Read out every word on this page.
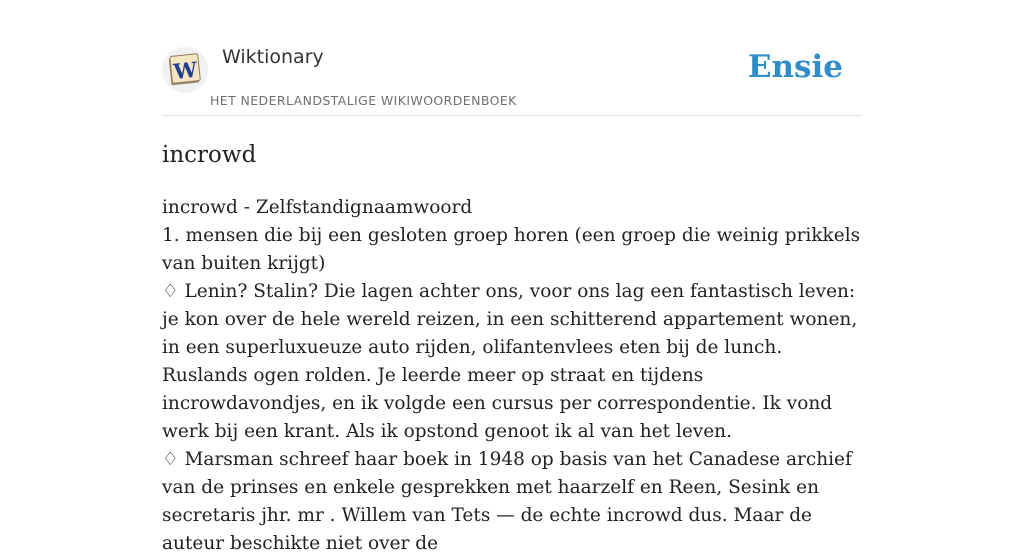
W Wiktionary
HET NEDERLANDSTALIGE WIKIWOORDENBOEK
Ensie
incrowd

incrowd - Zelfstandignaamwoord

1. mensen die bij een gesloten groep horen (een groep die weinig prikkels van buiten krijgt)

♢ Lenin? Stalin? Die lagen achter ons, voor ons lag een fantastisch leven: je kon over de hele wereld reizen, in een schitterend appartement wonen, in een superluxueuze auto rijden, olifantenvlees eten bij de lunch. Ruslands ogen rolden. Je leerde meer op straat en tijdens incrowdavondjes, en ik volgde een cursus per correspondentie. Ik vond werk bij een krant. Als ik opstond genoot ik al van het leven.

♢ Marsman schreef haar boek in 1948 op basis van het Canadese archief van de prinses en enkele gesprekken met haarzelf en Reen, Sesink en secretaris jhr. mr . Willem van Tets — de echte incrowd dus. Maar de auteur beschikte niet over de
